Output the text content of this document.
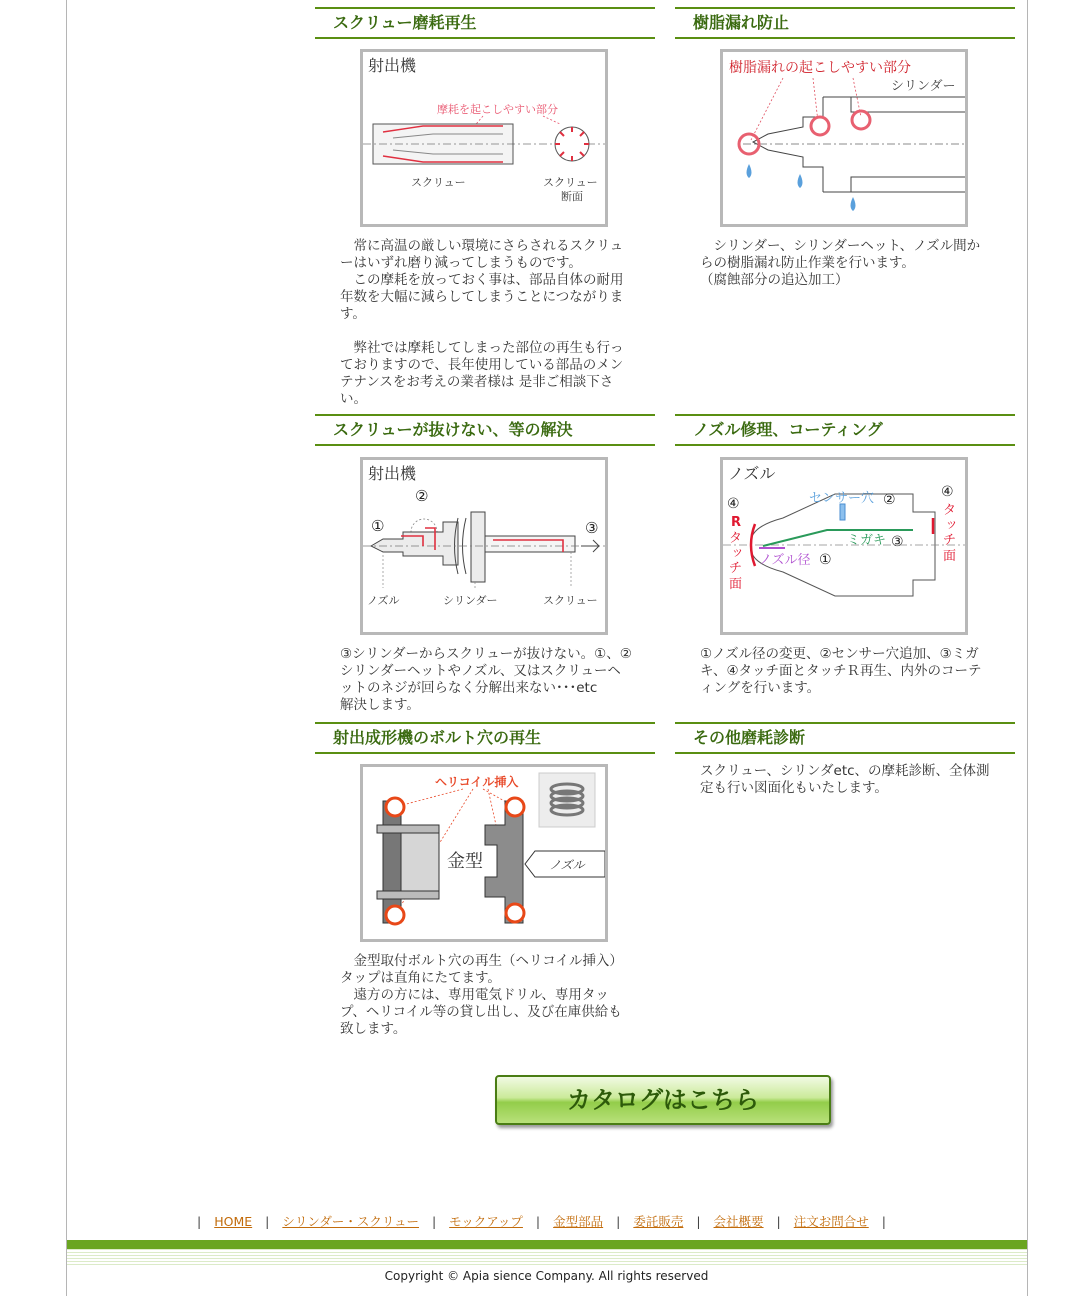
スクリュー磨耗再生
射出機
摩耗を起こしやすい部分
スクリュー	スクリュー
断面

　常に高温の厳しい環境にさらされるスクリューはいずれ磨り減ってしまうものです。

　この摩耗を放っておく事は、部品自体の耐用年数を大幅に減らしてしまうことにつながります。

　弊社では摩耗してしまった部位の再生も行っておりますので、長年使用している部品のメンテナンスをお考えの業者様は 是非ご相談下さい。

樹脂漏れ防止
樹脂漏れの起こしやすい部分
シリンダー

　シリンダー、シリンダーヘット、ノズル間からの樹脂漏れ防止作業を行います。

（腐蝕部分の追込加工）

スクリューが抜けない、等の解決
射出機
①
②
③
ノズル	シリンダー	スクリュー

③シリンダーからスクリューが抜けない。①、②シリンダーヘットやノズル、又はスクリューヘットのネジが回らなく分解出来ない･･･etc　　　解決します。

ノズル修理、コーティング
ノズル
④
R
タ
ッ
チ
面
センサー穴 ②	④
タ
ッ
チ
面
ミガキ ③
ノズル径 ①

①ノズル径の変更、②センサー穴追加、③ミガキ、④タッチ面とタッチＲ再生、内外のコーティングを行います。

射出成形機のボルト穴の再生
ヘリコイル挿入
金型	ノズル

　金型取付ボルト穴の再生（ヘリコイル挿入）タップは直角にたてます。

　遠方の方には、専用電気ドリル、専用タップ、ヘリコイル等の貸し出し、及び在庫供給も致します。

その他磨耗診断

スクリュー、シリンダetc、の摩耗診断、全体測定も行い図面化もいたします。

カタログはこちら
| HOME | シリンダー・スクリュー | モックアップ | 金型部品 | 委託販売 | 会社概要 | 注文お問合せ |
Copyright © Apia sience Company. All rights reserved
